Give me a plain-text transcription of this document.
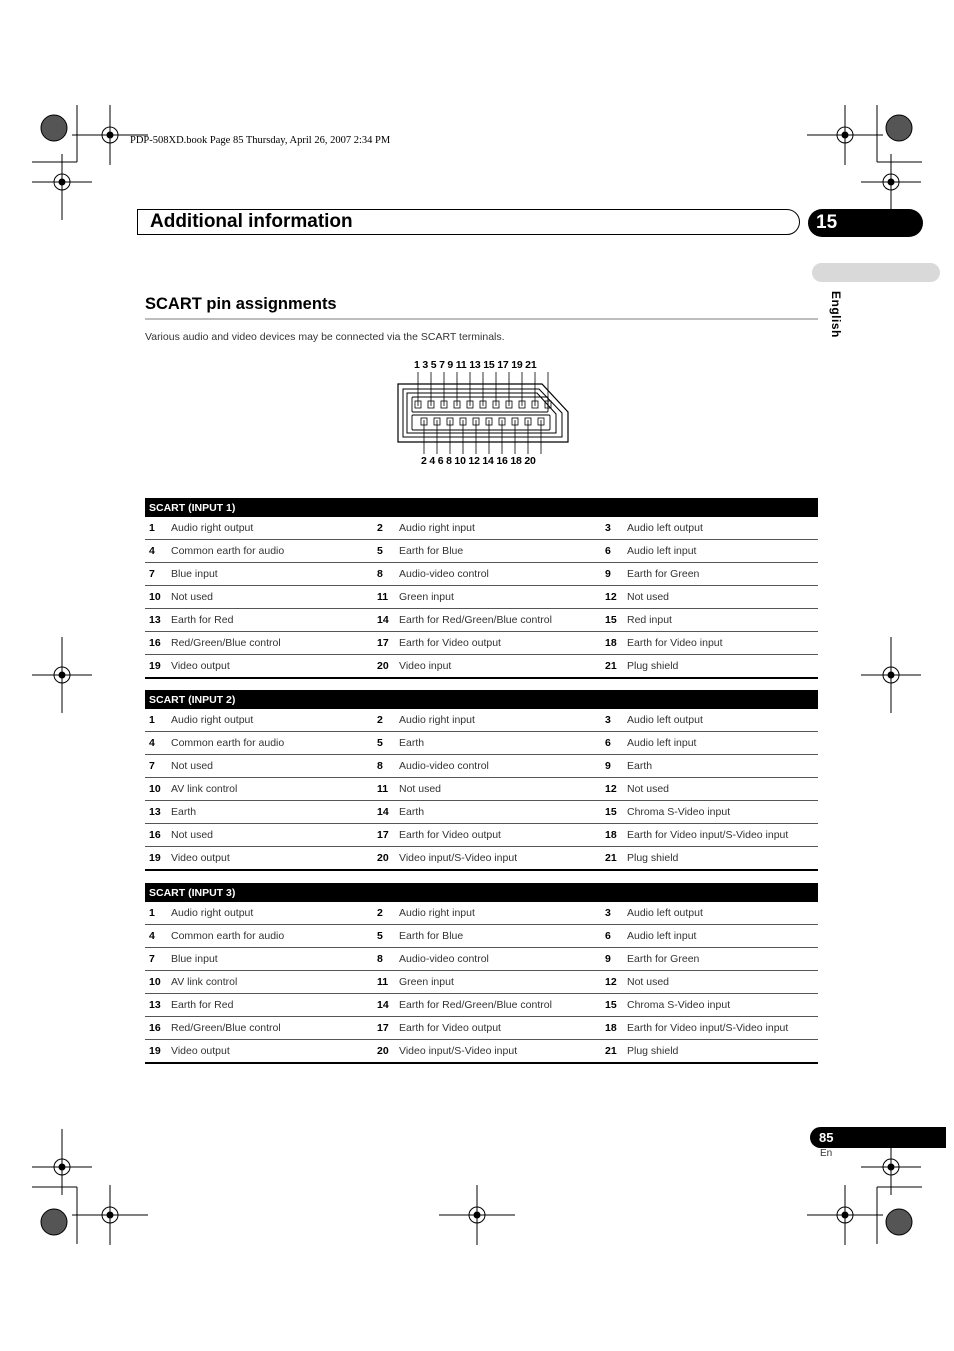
PDP-508XD.book Page 85 Thursday, April 26, 2007 2:34 PM
Additional information	15
English
SCART pin assignments
Various audio and video devices may be connected via the SCART terminals.
1 3 5 7 9 11 13 15 17 19 21
2 4 6 8 10 12 14 16 18 20
SCART (INPUT 1)					
1	Audio right output	2	Audio right input	3	Audio left output
4	Common earth for audio	5	Earth for Blue	6	Audio left input
7	Blue input	8	Audio-video control	9	Earth for Green
10	Not used	11	Green input	12	Not used
13	Earth for Red	14	Earth for Red/Green/Blue control	15	Red input
16	Red/Green/Blue control	17	Earth for Video output	18	Earth for Video input
19	Video output	20	Video input	21	Plug shield
SCART (INPUT 2)					
1	Audio right output	2	Audio right input	3	Audio left output
4	Common earth for audio	5	Earth	6	Audio left input
7	Not used	8	Audio-video control	9	Earth
10	AV link control	11	Not used	12	Not used
13	Earth	14	Earth	15	Chroma S-Video input
16	Not used	17	Earth for Video output	18	Earth for Video input/S-Video input
19	Video output	20	Video input/S-Video input	21	Plug shield
SCART (INPUT 3)					
1	Audio right output	2	Audio right input	3	Audio left output
4	Common earth for audio	5	Earth for Blue	6	Audio left input
7	Blue input	8	Audio-video control	9	Earth for Green
10	AV link control	11	Green input	12	Not used
13	Earth for Red	14	Earth for Red/Green/Blue control	15	Chroma S-Video input
16	Red/Green/Blue control	17	Earth for Video output	18	Earth for Video input/S-Video input
19	Video output	20	Video input/S-Video input	21	Plug shield
85
En
